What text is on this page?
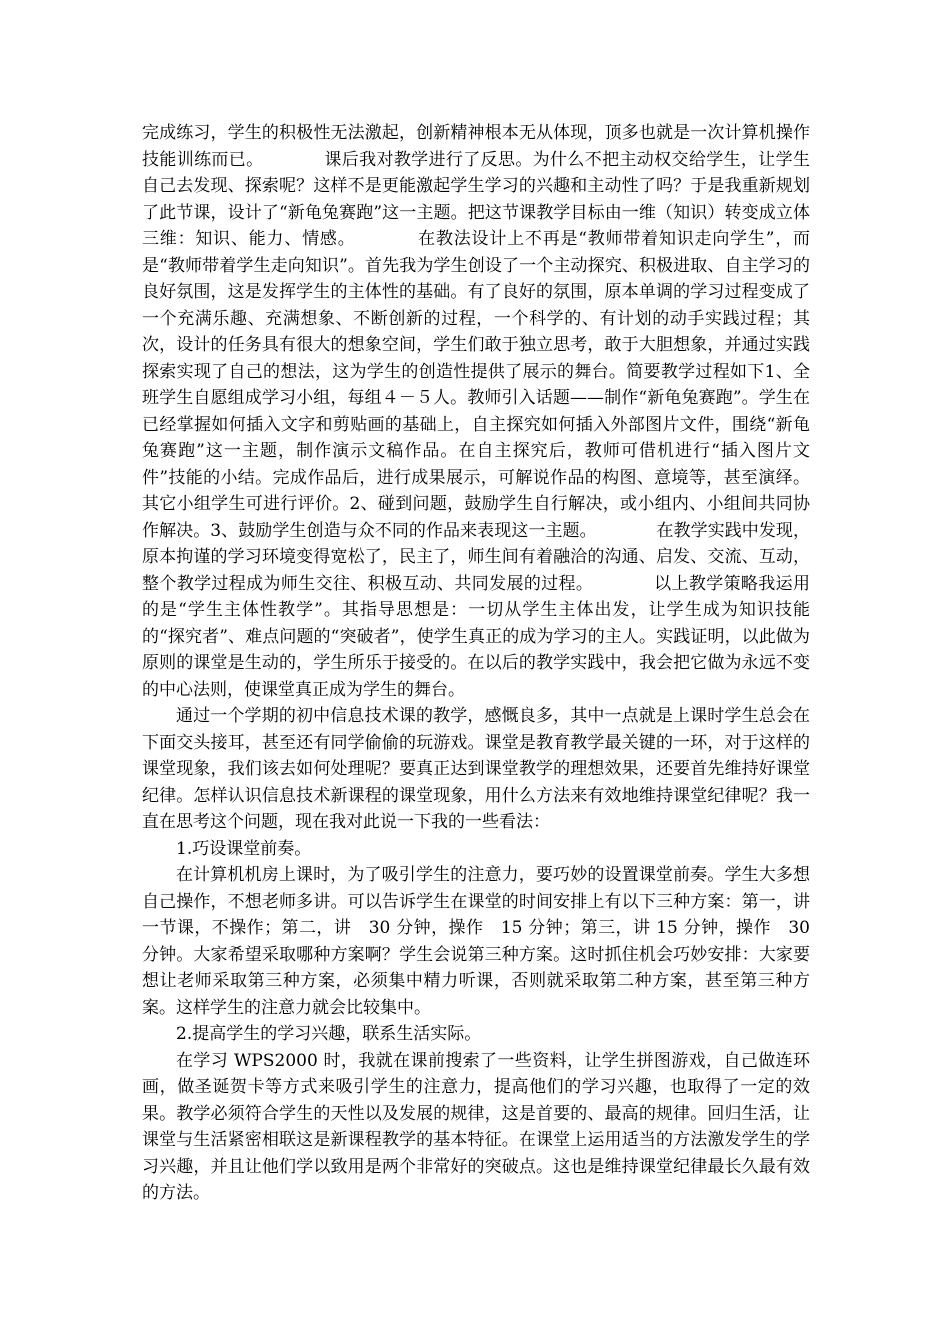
完成练习，学生的积极性无法激起，创新精神根本无从体现，顶多也就是一次计算机操作技能训练而已。　　　　课后我对教学进行了反思。为什么不把主动权交给学生，让学生自己去发现、探索呢？这样不是更能激起学生学习的兴趣和主动性了吗？于是我重新规划了此节课，设计了“新龟兔赛跑”这一主题。把这节课教学目标由一维（知识）转变成立体三维：知识、能力、情感。　　　　在教法设计上不再是“教师带着知识走向学生”，而是“教师带着学生走向知识”。首先我为学生创设了一个主动探究、积极进取、自主学习的良好氛围，这是发挥学生的主体性的基础。有了良好的氛围，原本单调的学习过程变成了一个充满乐趣、充满想象、不断创新的过程，一个科学的、有计划的动手实践过程；其次，设计的任务具有很大的想象空间，学生们敢于独立思考，敢于大胆想象，并通过实践探索实现了自己的想法，这为学生的创造性提供了展示的舞台。简要教学过程如下1、全班学生自愿组成学习小组，每组４－５人。教师引入话题——制作“新龟兔赛跑”。学生在已经掌握如何插入文字和剪贴画的基础上，自主探究如何插入外部图片文件，围绕“新龟兔赛跑”这一主题，制作演示文稿作品。在自主探究后，教师可借机进行“插入图片文件”技能的小结。完成作品后，进行成果展示，可解说作品的构图、意境等，甚至演绎。其它小组学生可进行评价。2、碰到问题，鼓励学生自行解决，或小组内、小组间共同协作解决。3、鼓励学生创造与众不同的作品来表现这一主题。　　　　在教学实践中发现，原本拘谨的学习环境变得宽松了，民主了，师生间有着融洽的沟通、启发、交流、互动，整个教学过程成为师生交往、积极互动、共同发展的过程。　　　　以上教学策略我运用的是“学生主体性教学”。其指导思想是：一切从学生主体出发，让学生成为知识技能的“探究者”、难点问题的“突破者”，使学生真正的成为学习的主人。实践证明，以此做为原则的课堂是生动的，学生所乐于接受的。在以后的教学实践中，我会把它做为永远不变的中心法则，使课堂真正成为学生的舞台。

通过一个学期的初中信息技术课的教学，感慨良多，其中一点就是上课时学生总会在下面交头接耳，甚至还有同学偷偷的玩游戏。课堂是教育教学最关键的一环，对于这样的课堂现象，我们该去如何处理呢？要真正达到课堂教学的理想效果，还要首先维持好课堂纪律。怎样认识信息技术新课程的课堂现象，用什么方法来有效地维持课堂纪律呢？我一直在思考这个问题，现在我对此说一下我的一些看法：

1.巧设课堂前奏。

在计算机机房上课时，为了吸引学生的注意力，要巧妙的设置课堂前奏。学生大多想自己操作，不想老师多讲。可以告诉学生在课堂的时间安排上有以下三种方案：第一，讲一节课，不操作；第二，讲　30 分钟，操作　15 分钟；第三，讲 15 分钟，操作　30 分钟。大家希望采取哪种方案啊？学生会说第三种方案。这时抓住机会巧妙安排：大家要想让老师采取第三种方案，必须集中精力听课，否则就采取第二种方案，甚至第三种方案。这样学生的注意力就会比较集中。

2.提高学生的学习兴趣，联系生活实际。

在学习 WPS2000 时，我就在课前搜索了一些资料，让学生拼图游戏，自己做连环画，做圣诞贺卡等方式来吸引学生的注意力，提高他们的学习兴趣，也取得了一定的效果。教学必须符合学生的天性以及发展的规律，这是首要的、最高的规律。回归生活，让课堂与生活紧密相联这是新课程教学的基本特征。在课堂上运用适当的方法激发学生的学习兴趣，并且让他们学以致用是两个非常好的突破点。这也是维持课堂纪律最长久最有效的方法。
